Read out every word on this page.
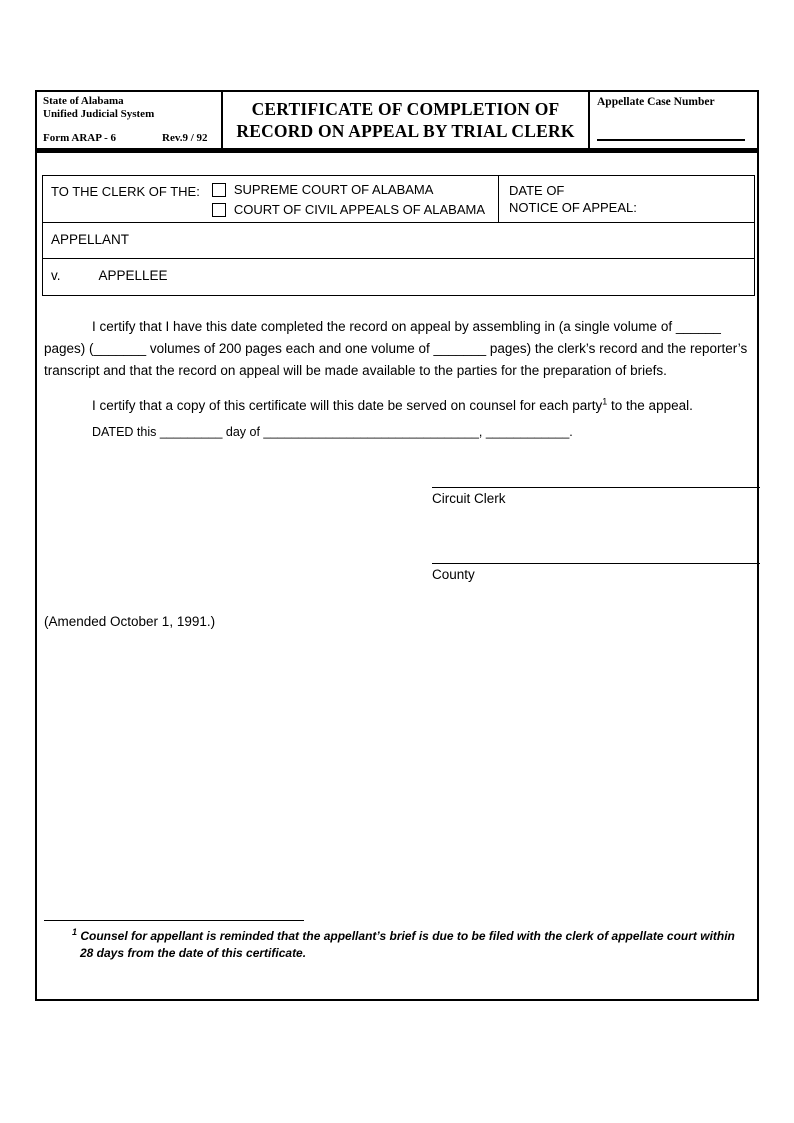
State of Alabama
Unified Judicial System
Form ARAP - 6	Rev.9 / 92
CERTIFICATE OF COMPLETION OF
RECORD ON APPEAL BY TRIAL CLERK
Appellate Case Number
TO THE CLERK OF THE:	SUPREME COURT OF ALABAMA
COURT OF CIVIL APPEALS OF ALABAMA
DATE OF
NOTICE OF APPEAL:
APPELLANT
v.	APPELLEE

I certify that I have this date completed the record on appeal by assembling in (a single volume of ______ pages) (_______ volumes of 200 pages each and one volume of _______ pages) the clerk’s record and the reporter’s transcript and that the record on appeal will be made available to the parties for the preparation of briefs.

I certify that a copy of this certificate will this date be served on counsel for each party$^1$ to the appeal.

DATED this _________ day of _______________________________, ____________.

Circuit Clerk
County
(Amended October 1, 1991.)
$^1$ Counsel for appellant is reminded that the appellant’s brief is due to be filed with the clerk of appellate court within 28 days from the date of this certificate.
